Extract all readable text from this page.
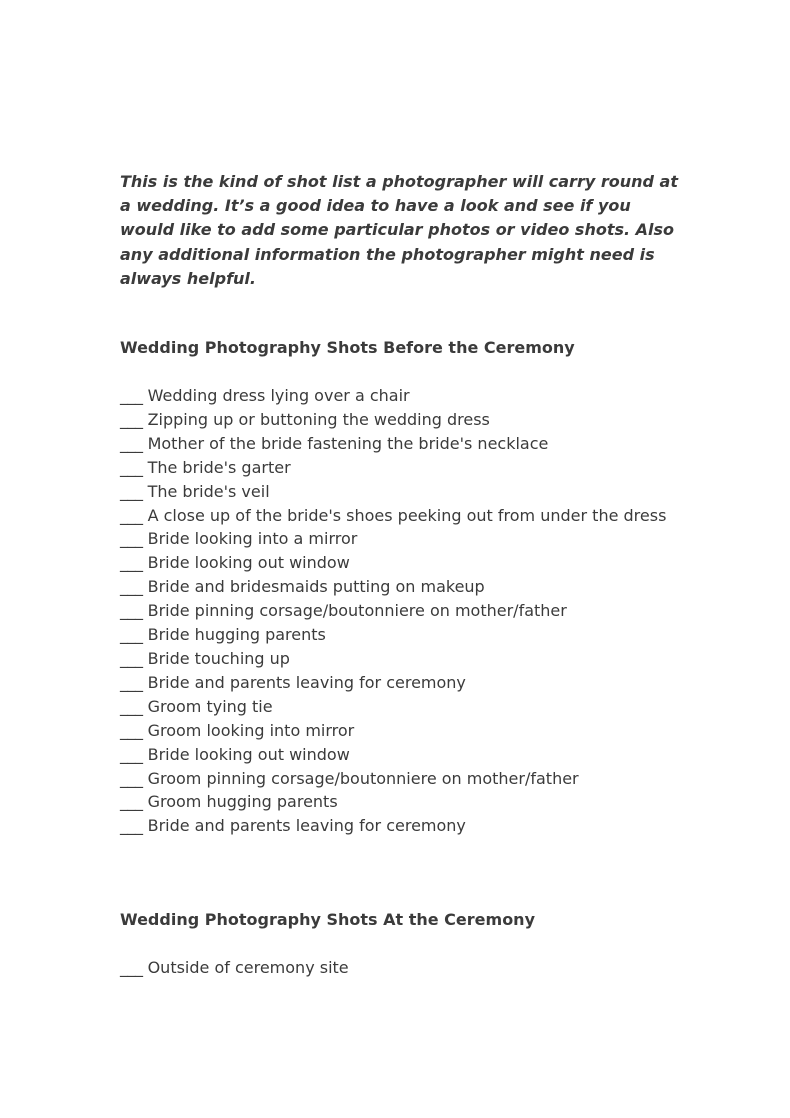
This is the kind of shot list a photographer will carry round at a wedding. It’s a good idea to have a look and see if you would like to add some particular photos or video shots. Also any additional information the photographer might need is always helpful.

Wedding Photography Shots Before the Ceremony
___ Wedding dress lying over a chair
___ Zipping up or buttoning the wedding dress
___ Mother of the bride fastening the bride's necklace
___ The bride's garter
___ The bride's veil
___ A close up of the bride's shoes peeking out from under the dress
___ Bride looking into a mirror
___ Bride looking out window
___ Bride and bridesmaids putting on makeup
___ Bride pinning corsage/boutonniere on mother/father
___ Bride hugging parents
___ Bride touching up
___ Bride and parents leaving for ceremony
___ Groom tying tie
___ Groom looking into mirror
___ Bride looking out window
___ Groom pinning corsage/boutonniere on mother/father
___ Groom hugging parents
___ Bride and parents leaving for ceremony
Wedding Photography Shots At the Ceremony
___ Outside of ceremony site
